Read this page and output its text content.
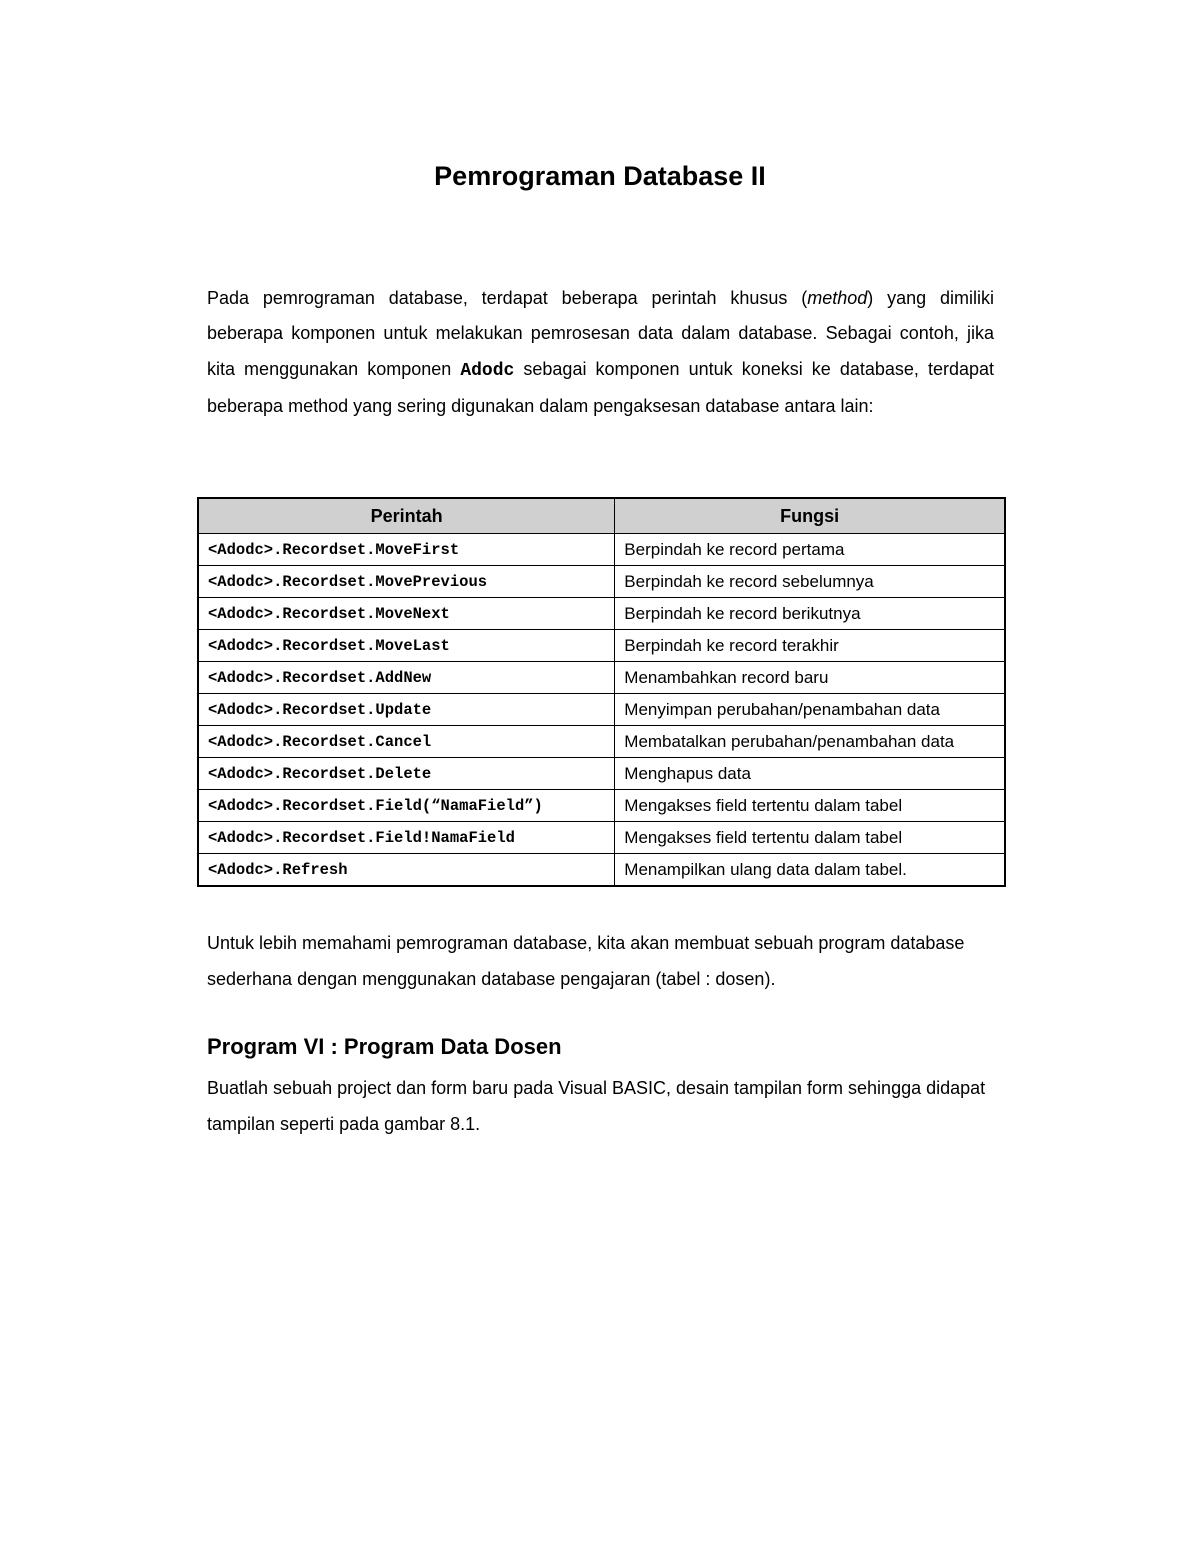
Pemrograman Database II

Pada pemrograman database, terdapat beberapa perintah khusus (method) yang dimiliki beberapa komponen untuk melakukan pemrosesan data dalam database. Sebagai contoh, jika kita menggunakan komponen Adodc sebagai komponen untuk koneksi ke database, terdapat beberapa method yang sering digunakan dalam pengaksesan database antara lain:

Perintah	Fungsi
<Adodc>.Recordset.MoveFirst	Berpindah ke record pertama
<Adodc>.Recordset.MovePrevious	Berpindah ke record sebelumnya
<Adodc>.Recordset.MoveNext	Berpindah ke record berikutnya
<Adodc>.Recordset.MoveLast	Berpindah ke record terakhir
<Adodc>.Recordset.AddNew	Menambahkan record baru
<Adodc>.Recordset.Update	Menyimpan perubahan/penambahan data
<Adodc>.Recordset.Cancel	Membatalkan perubahan/penambahan data
<Adodc>.Recordset.Delete	Menghapus data
<Adodc>.Recordset.Field(“NamaField”)	Mengakses field tertentu dalam tabel
<Adodc>.Recordset.Field!NamaField	Mengakses field tertentu dalam tabel
<Adodc>.Refresh	Menampilkan ulang data dalam tabel.

Untuk lebih memahami pemrograman database, kita akan membuat sebuah program database sederhana dengan menggunakan database pengajaran (tabel : dosen).

Program VI : Program Data Dosen

Buatlah sebuah project dan form baru pada Visual BASIC, desain tampilan form sehingga didapat tampilan seperti pada gambar 8.1.
